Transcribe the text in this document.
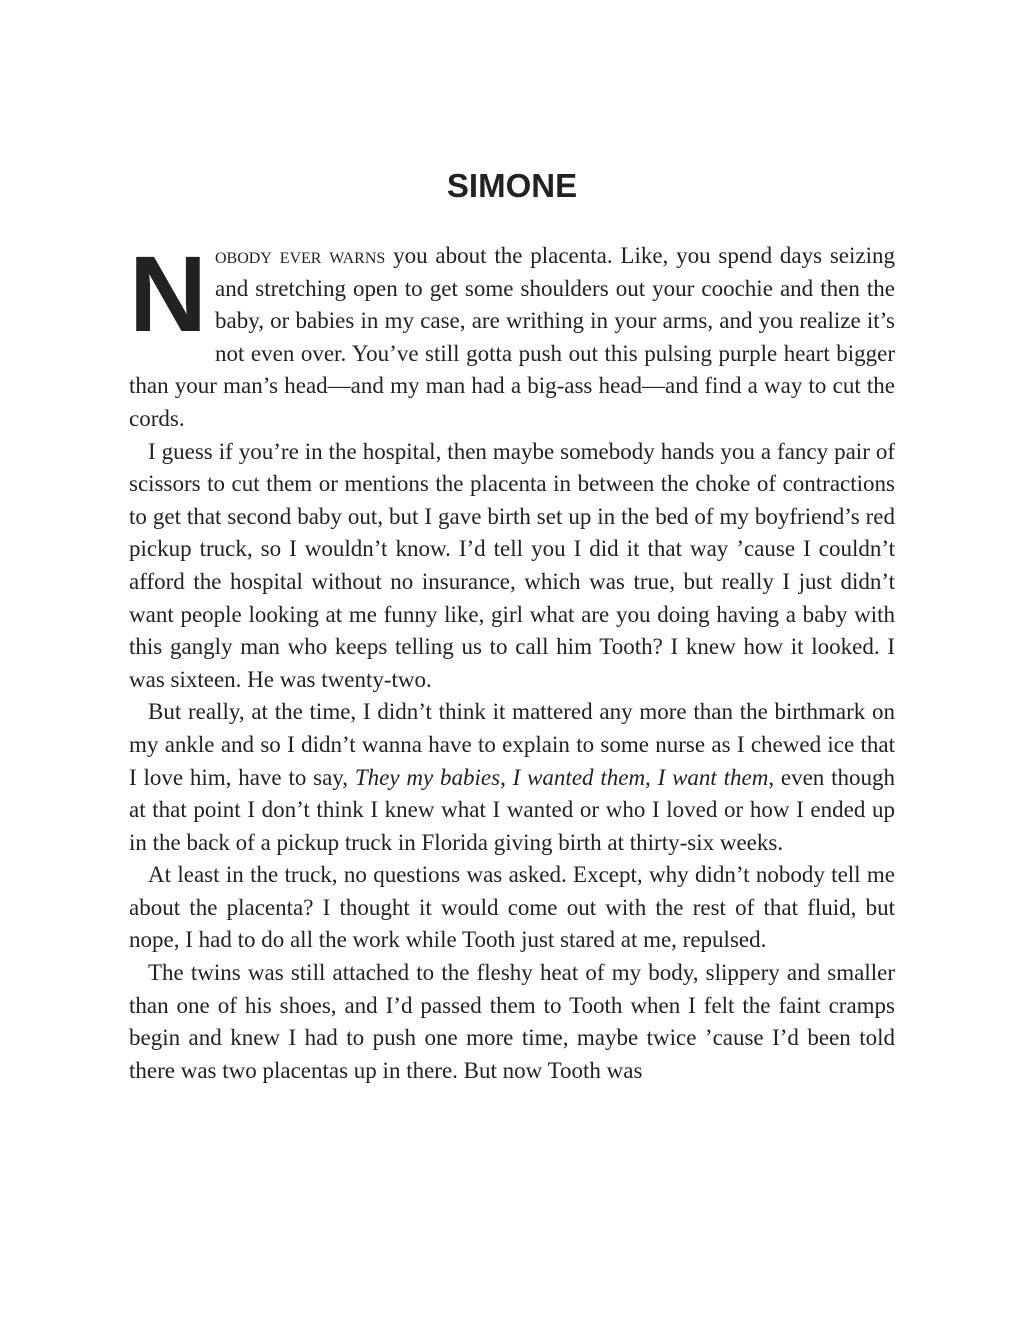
SIMONE

Nobody ever warns you about the placenta. Like, you spend days seizing and stretching open to get some shoulders out your coochie and then the baby, or babies in my case, are writhing in your arms, and you realize it’s not even over. You’ve still gotta push out this pulsing purple heart bigger than your man’s head—and my man had a big-ass head—and find a way to cut the cords.

I guess if you’re in the hospital, then maybe somebody hands you a fancy pair of scissors to cut them or mentions the placenta in between the choke of contractions to get that second baby out, but I gave birth set up in the bed of my boyfriend’s red pickup truck, so I wouldn’t know. I’d tell you I did it that way ’cause I couldn’t afford the hospital without no insurance, which was true, but really I just didn’t want people looking at me funny like, girl what are you doing having a baby with this gangly man who keeps telling us to call him Tooth? I knew how it looked. I was sixteen. He was twenty-two.

But really, at the time, I didn’t think it mattered any more than the birthmark on my ankle and so I didn’t wanna have to explain to some nurse as I chewed ice that I love him, have to say, They my babies, I wanted them, I want them, even though at that point I don’t think I knew what I wanted or who I loved or how I ended up in the back of a pickup truck in Florida giving birth at thirty-six weeks.

At least in the truck, no questions was asked. Except, why didn’t nobody tell me about the placenta? I thought it would come out with the rest of that fluid, but nope, I had to do all the work while Tooth just stared at me, repulsed.

The twins was still attached to the fleshy heat of my body, slippery and smaller than one of his shoes, and I’d passed them to Tooth when I felt the faint cramps begin and knew I had to push one more time, maybe twice ’cause I’d been told there was two placentas up in there. But now Tooth was
